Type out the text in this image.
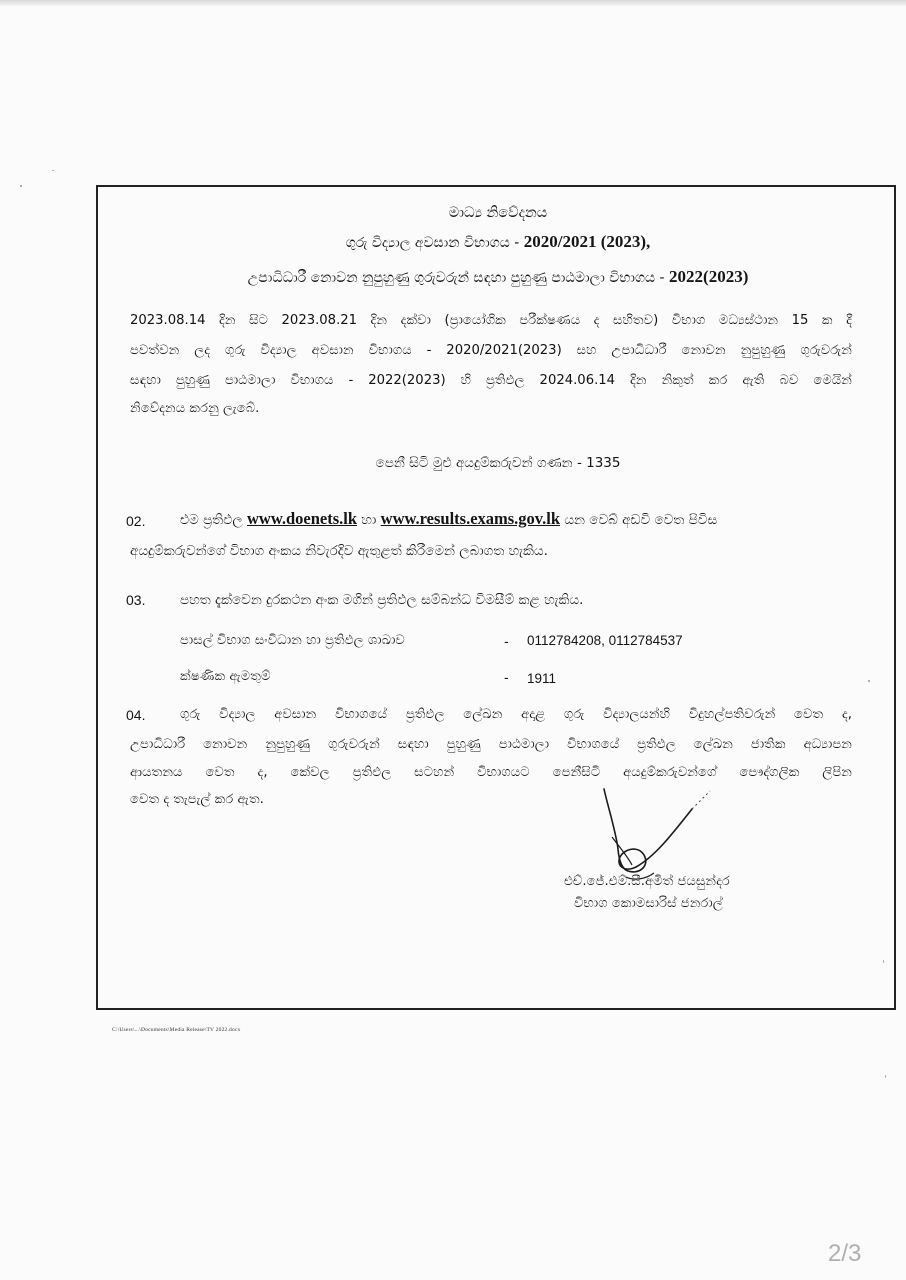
මාධ්‍ය නිවේදනය
ගුරු විද්‍යාල අවසාන විභාගය - 2020/2021 (2023),
උපාධිධාරී නොවන නුපුහුණු ගුරුවරුන් සඳහා පුහුණු පාඨමාලා විභාගය - 2022(2023)
2023.08.14 දින සිට 2023.08.21 දින දක්වා (ප්‍රායෝගික පරීක්ෂණය ද සහිතව) විභාග මධ්‍යස්ථාන 15 ක දී
පවත්වන ලද ගුරු විද්‍යාල අවසාන විභාගය - 2020/2021(2023) සහ උපාධිධාරී නොවන නුපුහුණු ගුරුවරුන්
සඳහා පුහුණු පාඨමාලා විභාගය - 2022(2023) හි ප්‍රතිඵල 2024.06.14 දින නිකුත් කර ඇති බව මෙයින්
නිවේදනය කරනු ලැබේ.
පෙනී සිටි මුළු අයදුම්කරුවන් ගණන - 1335
02.	එම ප්‍රතිඵල www.doenets.lk හා www.results.exams.gov.lk යන වෙබ් අඩවි වෙත පිවිස
අයදුම්කරුවන්ගේ විභාග අංකය නිවැරදිව ඇතුළත් කිරීමෙන් ලබාගත හැකිය.
03.	පහත දැක්වෙන දුරකථන අංක මගින් ප්‍රතිඵල සම්බන්ධ විමසීම් කළ හැකිය.
පාසල් විභාග සංවිධාන හා ප්‍රතිඵල ශාඛාව	- 0112784208, 0112784537
ක්ෂණික ඇමතුම්	- 1911
04.	ගුරු විද්‍යාල අවසාන විභාගයේ ප්‍රතිඵල ලේඛන අදාළ ගුරු විද්‍යාලයන්හි විදුහල්පතිවරුන් වෙත ද,
උපාධිධාරී නොවන නුපුහුණු ගුරුවරුන් සඳහා පුහුණු පාඨමාලා විභාගයේ ප්‍රතිඵල ලේඛන ජාතික අධ්‍යාපන
ආයතනය වෙත ද, කේවල ප්‍රතිඵල සටහන් විභාගයට පෙනීසිටි අයදුම්කරුවන්ගේ පෞද්ගලික ලිපින
වෙත ද තැපැල් කර ඇත.
එච්.ජේ.එම්.සී.අමිත් ජයසුන්දර
විභාග කොමසාරිස් ජනරාල්
C:\Users\...\Documents\Media Release\TV 2022.docx
2/3
